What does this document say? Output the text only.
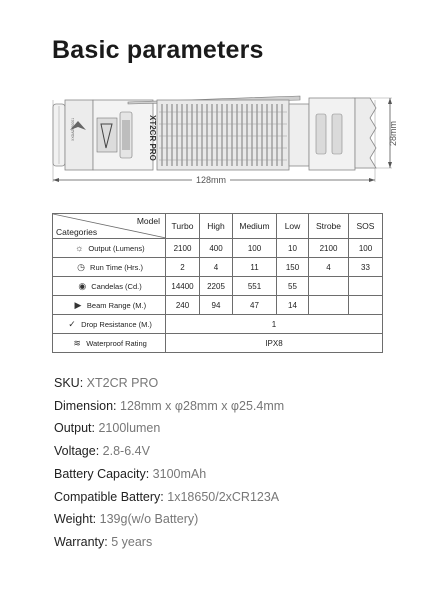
Basic parameters
XXDA2050001	XT2CR PRO
128mm
28mm
Model
Categories	Turbo	High	Medium	Low	Strobe	SOS
☼ Output (Lumens)	2100	400	100	10	2100	100
◷ Run Time (Hrs.)	2	4	11	150	4	33
◉ Candelas (Cd.)	14400	2205	551	55		
▶ Beam Range (M.)	240	94	47	14		
✓ Drop Resistance (M.)	1					
≋ Waterproof Rating	IPX8					
SKU: XT2CR PRO
Dimension: 128mm x φ28mm x φ25.4mm
Output: 2100lumen
Voltage: 2.8-6.4V
Battery Capacity: 3100mAh
Compatible Battery: 1x18650/2xCR123A
Weight: 139g(w/o Battery)
Warranty: 5 years
